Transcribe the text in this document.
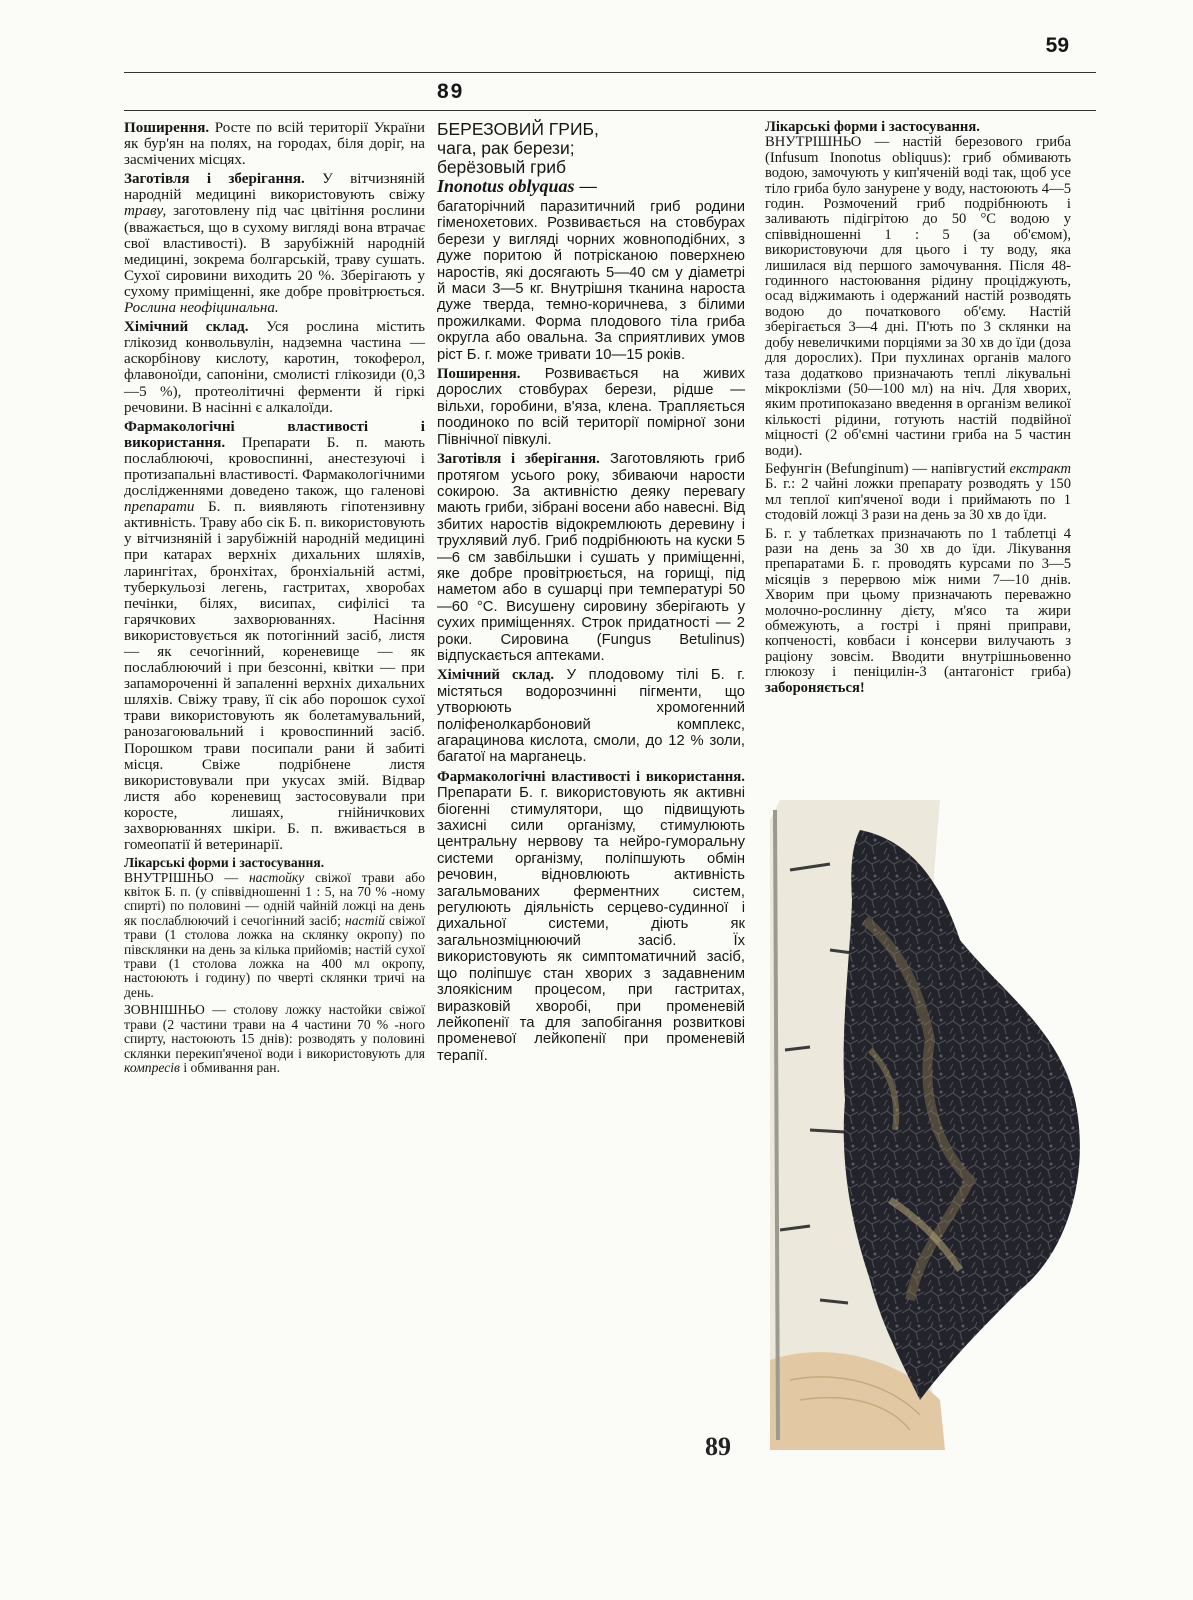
59
89

Поширення. Росте по всій території України як бур'ян на полях, на городах, біля доріг, на засмічених місцях.

Заготівля і зберігання. У вітчизняній народній медицині використовують свіжу траву, заготовлену під час цвітіння рослини (вважається, що в сухому вигляді вона втрачає свої властивості). В зарубіжній народній медицині, зокрема болгарській, траву сушать. Сухої сировини виходить 20 %. Зберігають у сухому приміщенні, яке добре провітрюється. Рослина неофіцинальна.

Хімічний склад. Уся рослина містить глікозид конвольвулін, надземна частина — аскорбінову кислоту, каротин, токоферол, флавоноїди, сапоніни, смолисті глікозиди (0,3—5 %), протеолітичні ферменти й гіркі речовини. В насінні є алкалоїди.

Фармакологічні властивості і використання. Препарати Б. п. мають послаблюючі, кровоспинні, анестезуючі і протизапальні властивості. Фармакологічними дослідженнями доведено також, що галенові препарати Б. п. виявляють гіпотензивну активність. Траву або сік Б. п. використовують у вітчизняній і зарубіжній народній медицині при катарах верхніх дихальних шляхів, ларингітах, бронхітах, бронхіальній астмі, туберкульозі легень, гастритах, хворобах печінки, білях, висипах, сифілісі та гарячкових захворюваннях. Насіння використовується як потогінний засіб, листя — як сечогінний, кореневище — як послаблюючий і при безсонні, квітки — при запамороченні й запаленні верхніх дихальних шляхів. Свіжу траву, її сік або порошок сухої трави використовують як болетамувальний, ранозагоювальний і кровоспинний засіб. Порошком трави посипали рани й забиті місця. Свіже подрібнене листя використовували при укусах змій. Відвар листя або кореневищ застосовували при коросте, лишаях, гнійничкових захворюваннях шкіри. Б. п. вживається в гомеопатії й ветеринарії.

Лікарські форми і застосування.
ВНУТРІШНЬО — настойку свіжої трави або квіток Б. п. (у співвідношенні 1 : 5, на 70 % -ному спирті) по половині — одній чайній ложці на день як послаблюючий і сечогінний засіб; настій свіжої трави (1 столова ложка на склянку окропу) по півсклянки на день за кілька прийомів; настій сухої трави (1 столова ложка на 400 мл окропу, настоюють і годину) по чверті склянки тричі на день.

ЗОВНІШНЬО — столову ложку настойки свіжої трави (2 частини трави на 4 частини 70 % -ного спирту, настоюють 15 днів): розводять у половині склянки перекип'яченої води і використовують для компресів і обмивання ран.

БЕРЕЗОВИЙ ГРИБ,
чага, рак берези;
берёзовый гриб
Inonotus oblyquas —

багаторічний паразитичний гриб родини гіменохетових. Розвивається на стовбурах берези у вигляді чорних жовноподібних, з дуже поритою й потрісканою поверхнею наростів, які досягають 5—40 см у діаметрі й маси 3—5 кг. Внутрішня тканина нароста дуже тверда, темно-коричнева, з білими прожилками. Форма плодового тіла гриба округла або овальна. За сприятливих умов ріст Б. г. може тривати 10—15 років.

Поширення. Розвивається на живих дорослих стовбурах берези, рідше — вільхи, горобини, в'яза, клена. Трапляється поодиноко по всій території помірної зони Північної півкулі.

Заготівля і зберігання. Заготовляють гриб протягом усього року, збиваючи нарости сокирою. За активністю деяку перевагу мають гриби, зібрані восени або навесні. Від збитих наростів відокремлюють деревину і трухлявий луб. Гриб подрібнюють на куски 5—6 см завбільшки і сушать у приміщенні, яке добре провітрюється, на горищі, під наметом або в сушарці при температурі 50—60 °С. Висушену сировину зберігають у сухих приміщеннях. Строк придатності — 2 роки. Сировина (Fungus Betulinus) відпускається аптеками.

Хімічний склад. У плодовому тілі Б. г. містяться водорозчинні пігменти, що утворюють хромогенний поліфенолкарбоновий комплекс, агарацинова кислота, смоли, до 12 % золи, багатої на марганець.

Фармакологічні властивості і використання. Препарати Б. г. використовують як активні біогенні стимулятори, що підвищують захисні сили організму, стимулюють центральну нервову та нейро-гуморальну системи організму, поліпшують обмін речовин, відновлюють активність загальмованих ферментних систем, регулюють діяльність серцево-судинної і дихальної системи, діють як загальнозміцнюючий засіб. Їх використовують як симптоматичний засіб, що поліпшує стан хворих з задавненим злоякісним процесом, при гастритах, виразковій хворобі, при променевій лейкопенії та для запобігання розвиткові променевої лейкопенії при променевій терапії.

Лікарські форми і застосування.
ВНУТРІШНЬО — настій березового гриба (Infusum Inonotus obliquus): гриб обмивають водою, замочують у кип'яченій воді так, щоб усе тіло гриба було занурене у воду, настоюють 4—5 годин. Розмочений гриб подрібнюють і заливають підігрітою до 50 °С водою у співвідношенні 1 : 5 (за об'ємом), використовуючи для цього і ту воду, яка лишилася від першого замочування. Після 48-годинного настоювання рідину проціджують, осад віджимають і одержаний настій розводять водою до початкового об'єму. Настій зберігається 3—4 дні. П'ють по 3 склянки на добу невеличкими порціями за 30 хв до їди (доза для дорослих). При пухлинах органів малого таза додатково призначають теплі лікувальні мікроклізми (50—100 мл) на ніч. Для хворих, яким протипоказано введення в організм великої кількості рідини, готують настій подвійної міцності (2 об'ємні частини гриба на 5 частин води).

Бефунгін (Befunginum) — напівгустий екстракт Б. г.: 2 чайні ложки препарату розводять у 150 мл теплої кип'яченої води і приймають по 1 стодовій ложці 3 рази на день за 30 хв до їди.

Б. г. у таблетках призначають по 1 таблетці 4 рази на день за 30 хв до їди. Лікування препаратами Б. г. проводять курсами по 3—5 місяців з перервою між ними 7—10 днів. Хворим при цьому призначають переважно молочно-рослинну дієту, м'ясо та жири обмежують, а гострі і пряні приправи, копченості, ковбаси і консерви вилучають з раціону зовсім. Вводити внутрішньовенно глюкозу і пеніцилін-3 (антагоніст гриба) забороняється!

89
